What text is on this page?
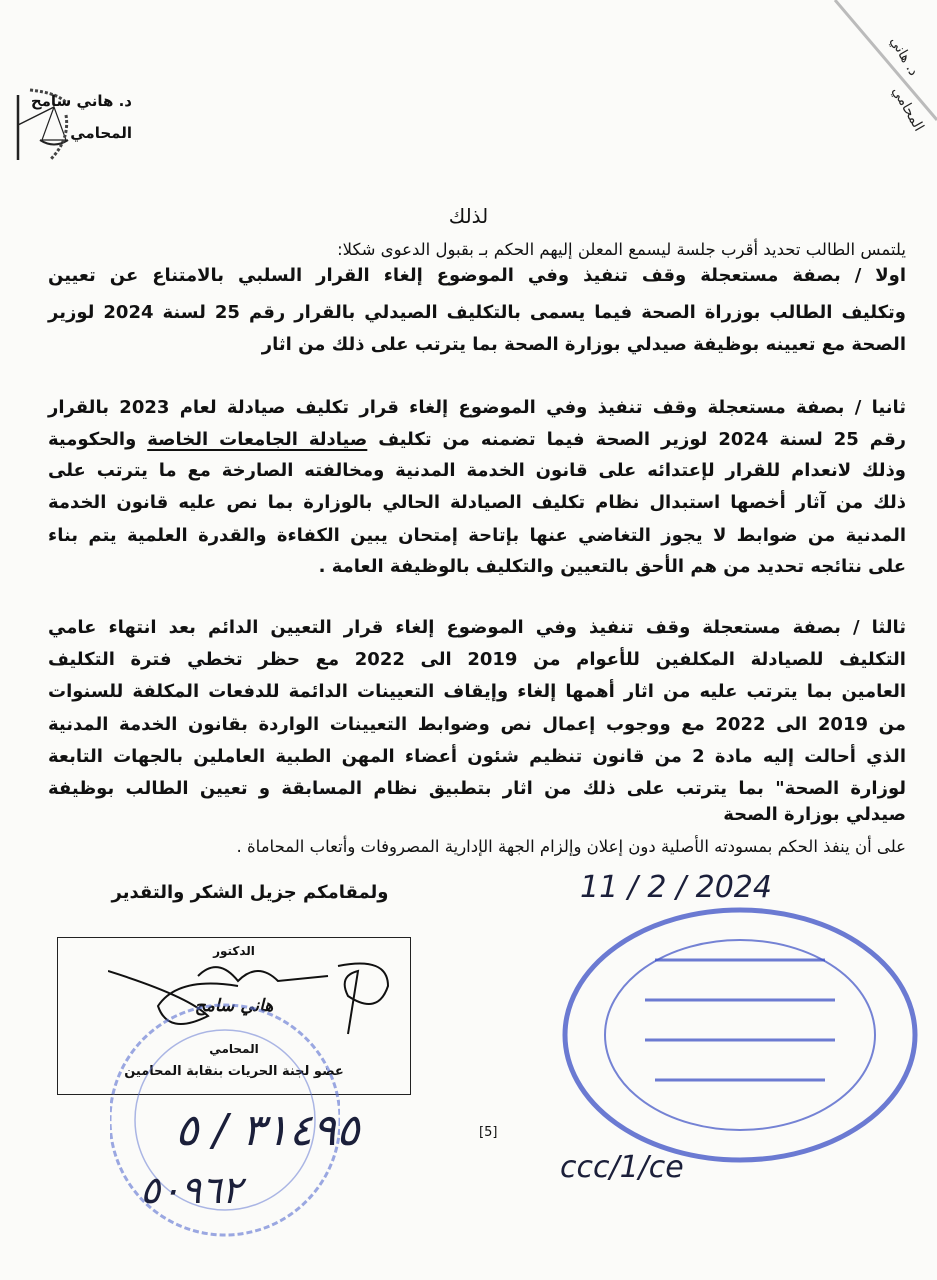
د. هاني سامح
المحامي
د. هاني
المحامي
لذلك
يلتمس الطالب تحديد أقرب جلسة ليسمع المعلن إليهم الحكم بـ بقبول الدعوى شكلا:
اولا / بصفة مستعجلة وقف تنفيذ وفي الموضوع إلغاء القرار السلبي بالامتناع عن تعيين
وتكليف الطالب بوزراة الصحة فيما يسمى بالتكليف الصيدلي بالقرار رقم 25 لسنة 2024 لوزير
الصحة مع تعيينه بوظيفة صيدلي بوزارة الصحة بما يترتب على ذلك من اثار
ثانيا / بصفة مستعجلة وقف تنفيذ وفي الموضوع إلغاء قرار تكليف صيادلة لعام 2023 بالقرار
رقم 25 لسنة 2024 لوزير الصحة فيما تضمنه من تكليف صيادلة الجامعات الخاصة والحكومية
وذلك لانعدام للقرار لإعتدائه على قانون الخدمة المدنية ومخالفته الصارخة مع ما يترتب على
ذلك من آثار أخصها استبدال نظام تكليف الصيادلة الحالي بالوزارة بما نص عليه قانون الخدمة
المدنية من ضوابط لا يجوز التغاضي عنها بإتاحة إمتحان يبين الكفاءة والقدرة العلمية يتم بناء
على نتائجه تحديد من هم الأحق بالتعيين والتكليف بالوظيفة العامة .
ثالثا / بصفة مستعجلة وقف تنفيذ وفي الموضوع إلغاء قرار التعيين الدائم بعد انتهاء عامي
التكليف للصيادلة المكلفين للأعوام من 2019 الى 2022 مع حظر تخطي فترة التكليف
العامين بما يترتب عليه من اثار أهمها إلغاء وإيقاف التعيينات الدائمة للدفعات المكلفة للسنوات
من 2019 الى 2022 مع ووجوب إعمال نص وضوابط التعيينات الواردة بقانون الخدمة المدنية
الذي أحالت إليه مادة 2 من قانون تنظيم شئون أعضاء المهن الطبية العاملين بالجهات التابعة
لوزارة الصحة" بما يترتب على ذلك من اثار بتطبيق نظام المسابقة و تعيين الطالب بوظيفة
صيدلي بوزارة الصحة
على أن ينفذ الحكم بمسودته الأصلية دون إعلان وإلزام الجهة الإدارية المصروفات وأتعاب المحاماة .
ولمقامكم جزيل الشكر والتقدير
الدكتور
هاني سامح
المحامي
عضو لجنة الحريات بنقابة المحامين
11 / 2 / 2024
٣١٤٩٥ / ٥
٥٠٩٦٢
ccc/1/ce
[5]
